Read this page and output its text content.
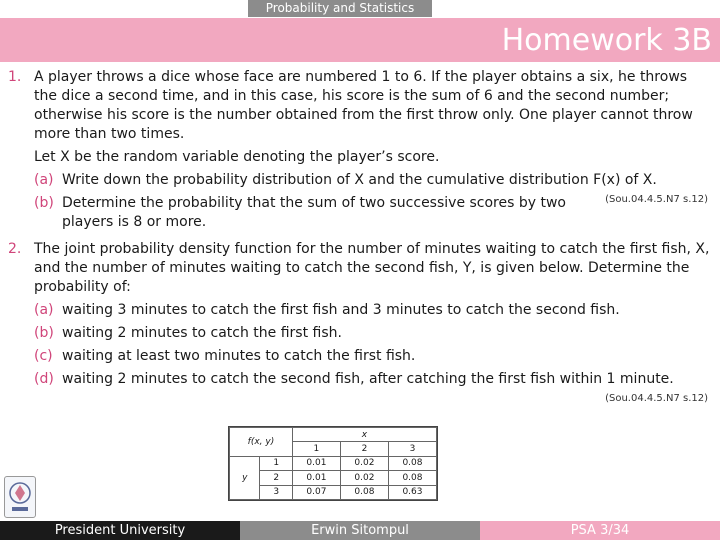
Probability and Statistics
Homework 3B
1. A player throws a dice whose face are numbered 1 to 6. If the player obtains a six, he throws the dice a second time, and in this case, his score is the sum of 6 and the second number; otherwise his score is the number obtained from the first throw only. One player cannot throw more than two times.
Let X be the random variable denoting the player’s score.
(a) Write down the probability distribution of X and the cumulative distribution F(x) of X.
(Sou.04.4.5.N7 s.12)
(b) Determine the probability that the sum of two successive scores by two players is 8 or more.
2. The joint probability density function for the number of minutes waiting to catch the first fish, X, and the number of minutes waiting to catch the second fish, Y, is given below. Determine the probability of:
(a) waiting 3 minutes to catch the first fish and 3 minutes to catch the second fish.
(b) waiting 2 minutes to catch the first fish.
(c) waiting at least two minutes to catch the first fish.
(d) waiting 2 minutes to catch the second fish, after catching the first fish within 1 minute.
(Sou.04.4.5.N7 s.12)
f(x, y)		x		
		1	2	3
y	1	0.01	0.02	0.08
	2	0.01	0.02	0.08
	3	0.07	0.08	0.63
President University	Erwin Sitompul	PSA 3/34
